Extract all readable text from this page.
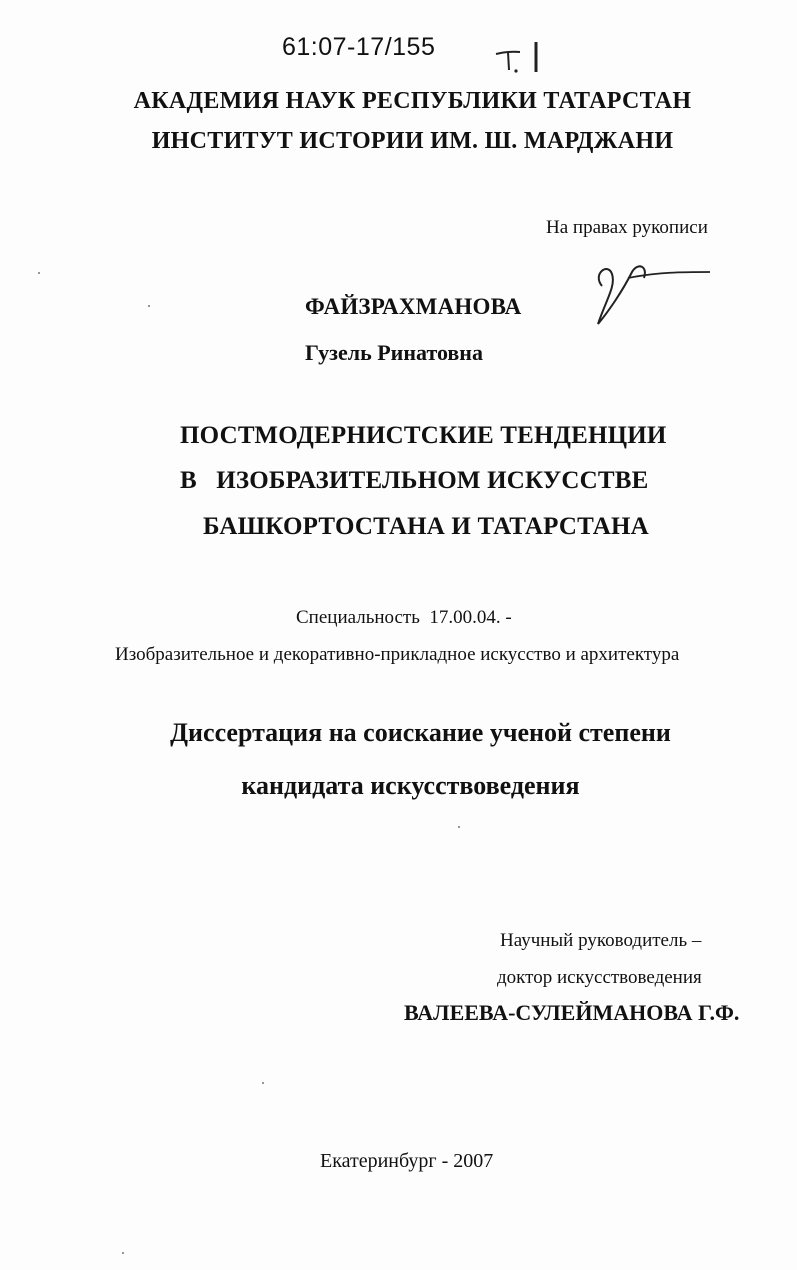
61:07-17/155
АКАДЕМИЯ НАУК РЕСПУБЛИКИ ТАТАРСТАН
ИНСТИТУТ ИСТОРИИ ИМ. Ш. МАРДЖАНИ
На правах рукописи
ФАЙЗРАХМАНОВА
Гузель Ринатовна
ПОСТМОДЕРНИСТСКИЕ ТЕНДЕНЦИИ
В   ИЗОБРАЗИТЕЛЬНОМ ИСКУССТВЕ
БАШКОРТОСТАНА И ТАТАРСТАНА
Специальность  17.00.04. -
Изобразительное и декоративно-прикладное искусство и архитектура
Диссертация на соискание ученой степени
кандидата искусствоведения
Научный руководитель –
доктор искусствоведения
ВАЛЕЕВА-СУЛЕЙМАНОВА Г.Ф.
Екатеринбург - 2007
